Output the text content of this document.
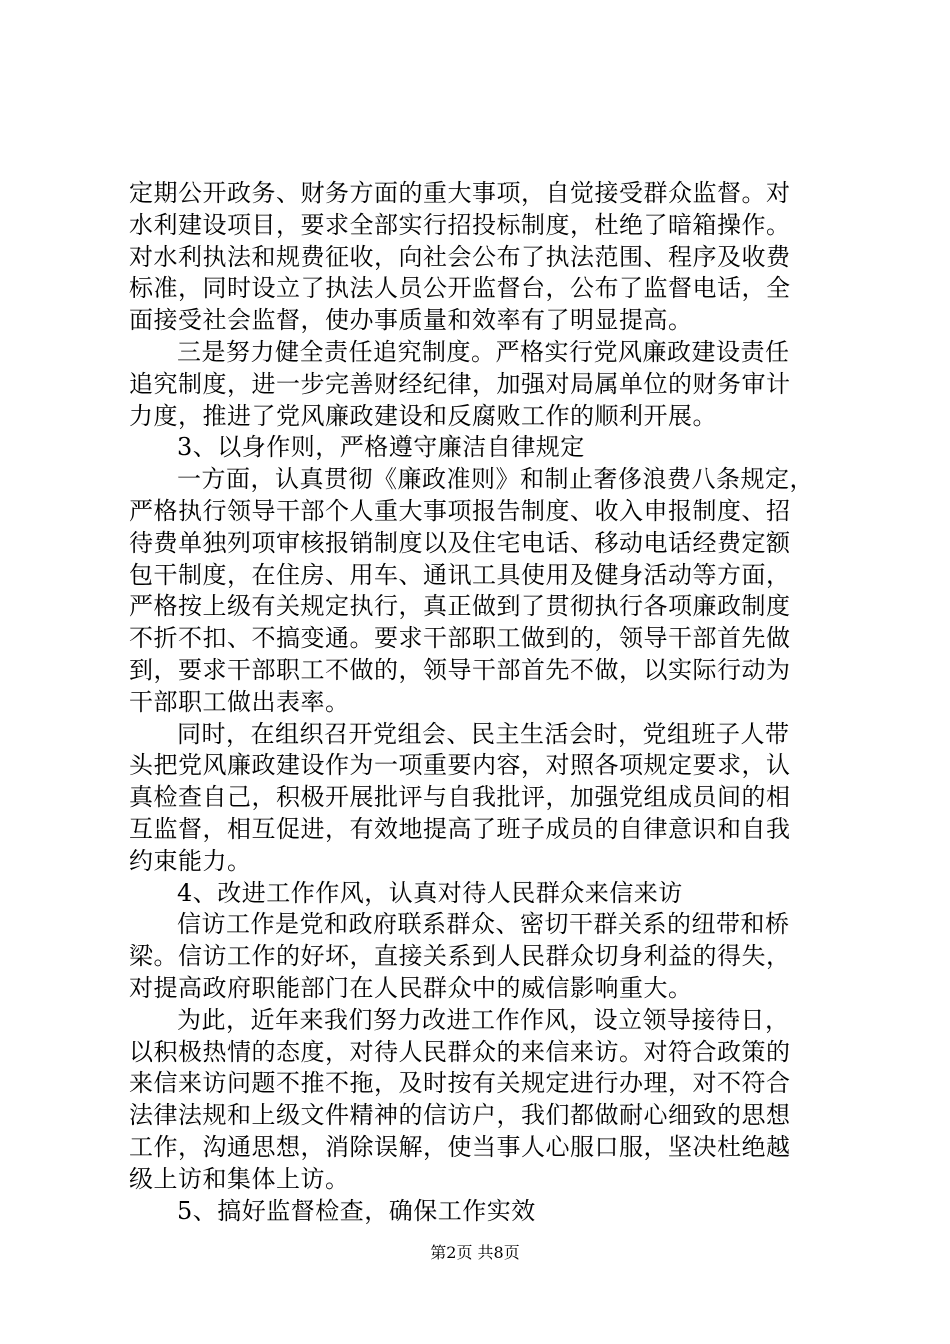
定期公开政务、财务方面的重大事项，自觉接受群众监督。对
水利建设项目，要求全部实行招投标制度，杜绝了暗箱操作。
对水利执法和规费征收，向社会公布了执法范围、程序及收费
标准，同时设立了执法人员公开监督台，公布了监督电话，全
面接受社会监督，使办事质量和效率有了明显提高。
三是努力健全责任追究制度。严格实行党风廉政建设责任
追究制度，进一步完善财经纪律，加强对局属单位的财务审计
力度，推进了党风廉政建设和反腐败工作的顺利开展。
3、以身作则，严格遵守廉洁自律规定
一方面，认真贯彻《廉政准则》和制止奢侈浪费八条规定，
严格执行领导干部个人重大事项报告制度、收入申报制度、招
待费单独列项审核报销制度以及住宅电话、移动电话经费定额
包干制度，在住房、用车、通讯工具使用及健身活动等方面，
严格按上级有关规定执行，真正做到了贯彻执行各项廉政制度
不折不扣、不搞变通。要求干部职工做到的，领导干部首先做
到，要求干部职工不做的，领导干部首先不做，以实际行动为
干部职工做出表率。
同时，在组织召开党组会、民主生活会时，党组班子人带
头把党风廉政建设作为一项重要内容，对照各项规定要求，认
真检查自己，积极开展批评与自我批评，加强党组成员间的相
互监督，相互促进，有效地提高了班子成员的自律意识和自我
约束能力。
4、改进工作作风，认真对待人民群众来信来访
信访工作是党和政府联系群众、密切干群关系的纽带和桥
梁。信访工作的好坏，直接关系到人民群众切身利益的得失，
对提高政府职能部门在人民群众中的威信影响重大。
为此，近年来我们努力改进工作作风，设立领导接待日，
以积极热情的态度，对待人民群众的来信来访。对符合政策的
来信来访问题不推不拖，及时按有关规定进行办理，对不符合
法律法规和上级文件精神的信访户，我们都做耐心细致的思想
工作，沟通思想，消除误解，使当事人心服口服，坚决杜绝越
级上访和集体上访。
5、搞好监督检查，确保工作实效
第2页 共8页
